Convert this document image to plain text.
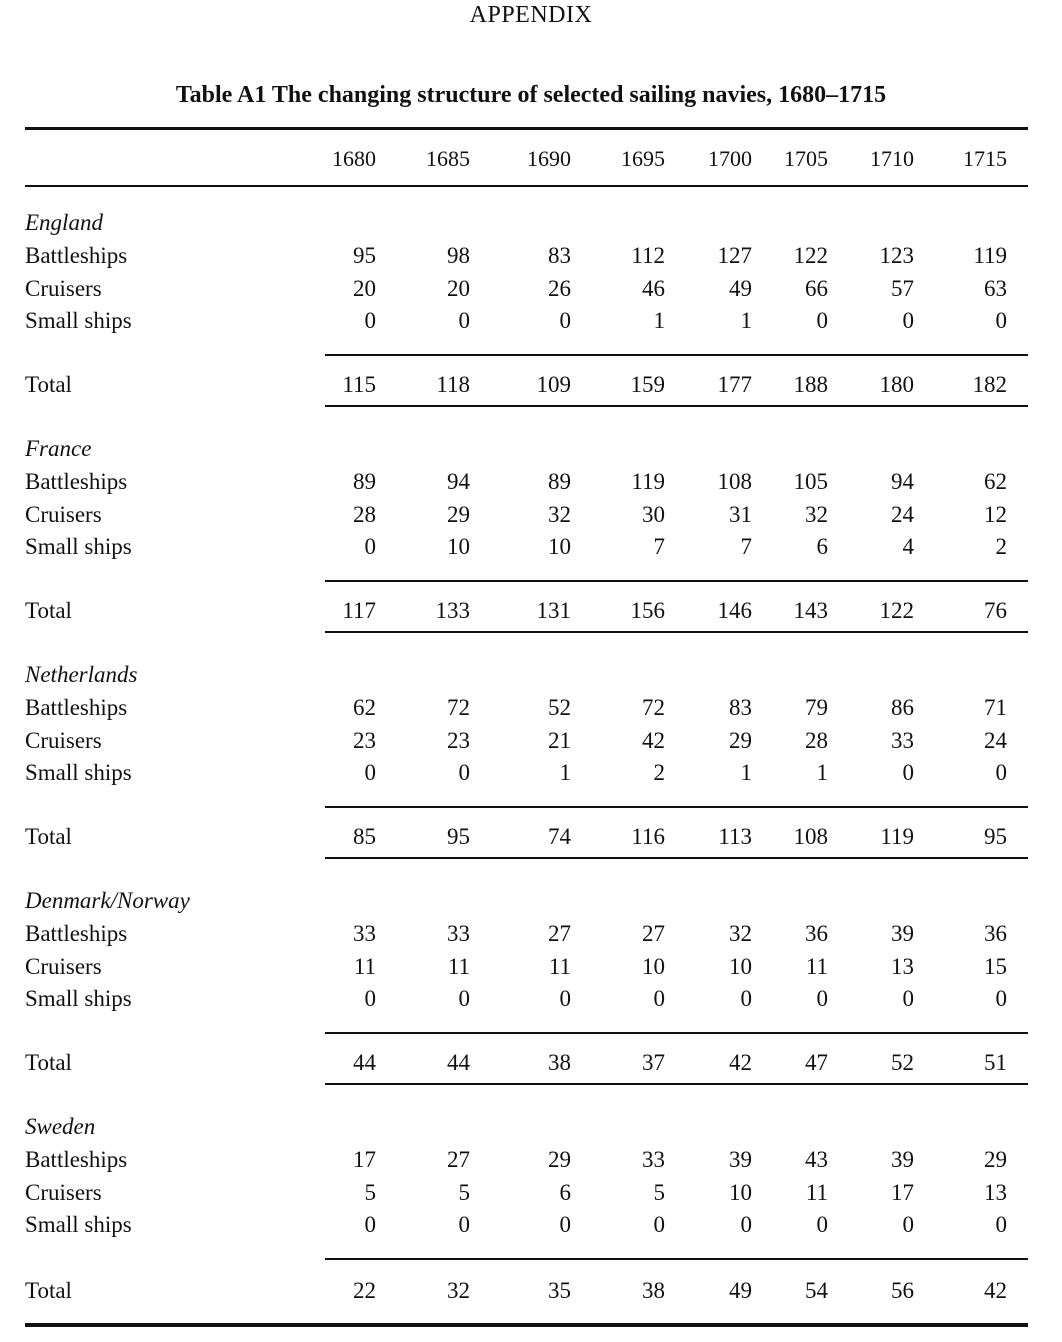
APPENDIX
Table A1 The changing structure of selected sailing navies, 1680–1715
1680	1685	1690	1695	1700	1705	1710	1715
England
Battleships	95	98	83	112	127	122	123	119
Cruisers	20	20	26	46	49	66	57	63
Small ships	0	0	0	1	1	0	0	0
Total	115	118	109	159	177	188	180	182
France
Battleships	89	94	89	119	108	105	94	62
Cruisers	28	29	32	30	31	32	24	12
Small ships	0	10	10	7	7	6	4	2
Total	117	133	131	156	146	143	122	76
Netherlands
Battleships	62	72	52	72	83	79	86	71
Cruisers	23	23	21	42	29	28	33	24
Small ships	0	0	1	2	1	1	0	0
Total	85	95	74	116	113	108	119	95
Denmark/Norway
Battleships	33	33	27	27	32	36	39	36
Cruisers	11	11	11	10	10	11	13	15
Small ships	0	0	0	0	0	0	0	0
Total	44	44	38	37	42	47	52	51
Sweden
Battleships	17	27	29	33	39	43	39	29
Cruisers	5	5	6	5	10	11	17	13
Small ships	0	0	0	0	0	0	0	0
Total	22	32	35	38	49	54	56	42
